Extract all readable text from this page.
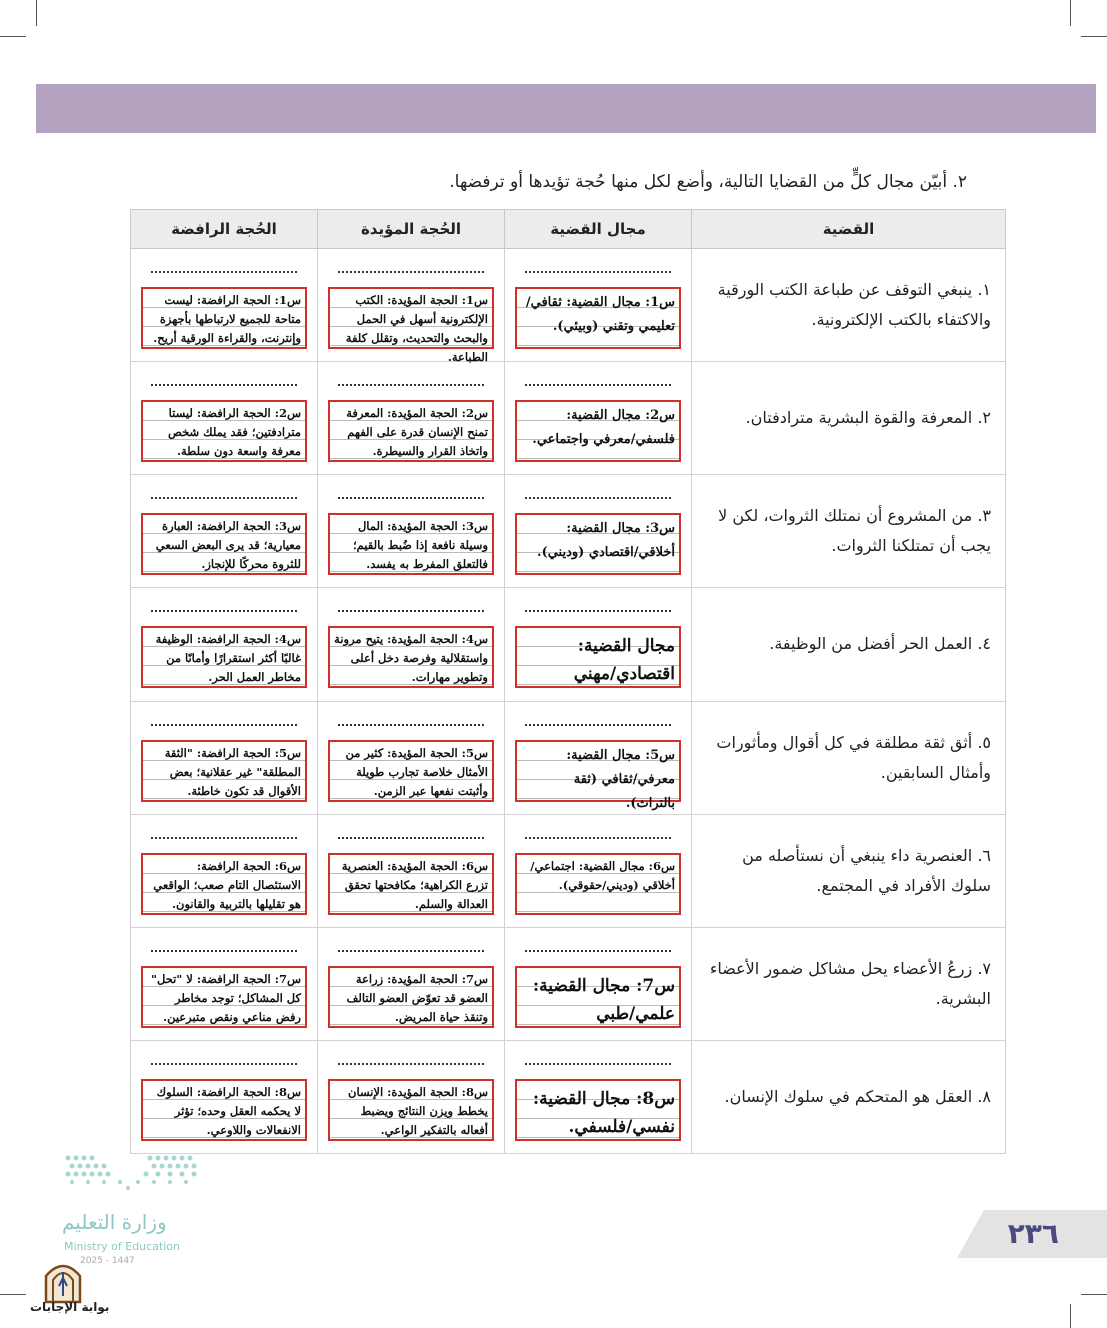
٢. أبيّن مجال كلٍّ من القضايا التالية، وأضع لكل منها حُجة تؤيدها أو ترفضها.
القضية	مجال القضية	الحُجة المؤيدة	الحُجة الرافضة

١. ينبغي التوقف عن طباعة الكتب الورقية والاكتفاء بالكتب الإلكترونية.	س1: مجال القضية: ثقافي/ تعليمي وتقني (وبيئي).	س1: الحجة المؤيدة: الكتب الإلكترونية أسهل في الحمل والبحث والتحديث، وتقلل كلفة الطباعة.	س1: الحجة الرافضة: ليست متاحة للجميع لارتباطها بأجهزة وإنترنت، والقراءة الورقية أريح.

٢. المعرفة والقوة البشرية مترادفتان.	س2: مجال القضية: فلسفي/معرفي واجتماعي.	س2: الحجة المؤيدة: المعرفة تمنح الإنسان قدرة على الفهم واتخاذ القرار والسيطرة.	س2: الحجة الرافضة: ليستا مترادفتين؛ فقد يملك شخص معرفة واسعة دون سلطة.

٣. من المشروع أن نمتلك الثروات، لكن لا يجب أن تمتلكنا الثروات.	س3: مجال القضية: أخلاقي/اقتصادي (وديني).	س3: الحجة المؤيدة: المال وسيلة نافعة إذا ضُبط بالقيم؛ فالتعلق المفرط به يفسد.	س3: الحجة الرافضة: العبارة معيارية؛ قد يرى البعض السعي للثروة محركًا للإنجاز.

٤. العمل الحر أفضل من الوظيفة.	مجال القضية: اقتصادي/مهني	س4: الحجة المؤيدة: يتيح مرونة واستقلالية وفرصة دخل أعلى وتطوير مهارات.	س4: الحجة الرافضة: الوظيفة غالبًا أكثر استقرارًا وأمانًا من مخاطر العمل الحر.

٥. أثق ثقة مطلقة في كل أقوال ومأثورات وأمثال السابقين.	س5: مجال القضية: معرفي/ثقافي (ثقة بالتراث).	س5: الحجة المؤيدة: كثير من الأمثال خلاصة تجارب طويلة وأثبتت نفعها عبر الزمن.	س5: الحجة الرافضة: "الثقة المطلقة" غير عقلانية؛ بعض الأقوال قد تكون خاطئة.

٦. العنصرية داء ينبغي أن نستأصله من سلوك الأفراد في المجتمع.	س6: مجال القضية: اجتماعي/ أخلاقي (وديني/حقوقي).	س6: الحجة المؤيدة: العنصرية تزرع الكراهية؛ مكافحتها تحقق العدالة والسلم.	س6: الحجة الرافضة: الاستئصال التام صعب؛ الواقعي هو تقليلها بالتربية والقانون.

٧. زرعُ الأعضاء يحل مشاكل ضمور الأعضاء البشرية.	س7: مجال القضية: علمي/طبي	س7: الحجة المؤيدة: زراعة العضو قد تعوّض العضو التالف وتنقذ حياة المريض.	س7: الحجة الرافضة: لا "تحل" كل المشاكل؛ توجد مخاطر رفض مناعي ونقص متبرعين.

٨. العقل هو المتحكم في سلوك الإنسان.	س8: مجال القضية: نفسي/فلسفي.	س8: الحجة المؤيدة: الإنسان يخطط ويزن النتائج ويضبط أفعاله بالتفكير الواعي.	س8: الحجة الرافضة: السلوك لا يحكمه العقل وحده؛ تؤثر الانفعالات واللاوعي.
وزارة التعليم
Ministry of Education
2025 - 1447
بوابة الإجابات
٢٣٦
